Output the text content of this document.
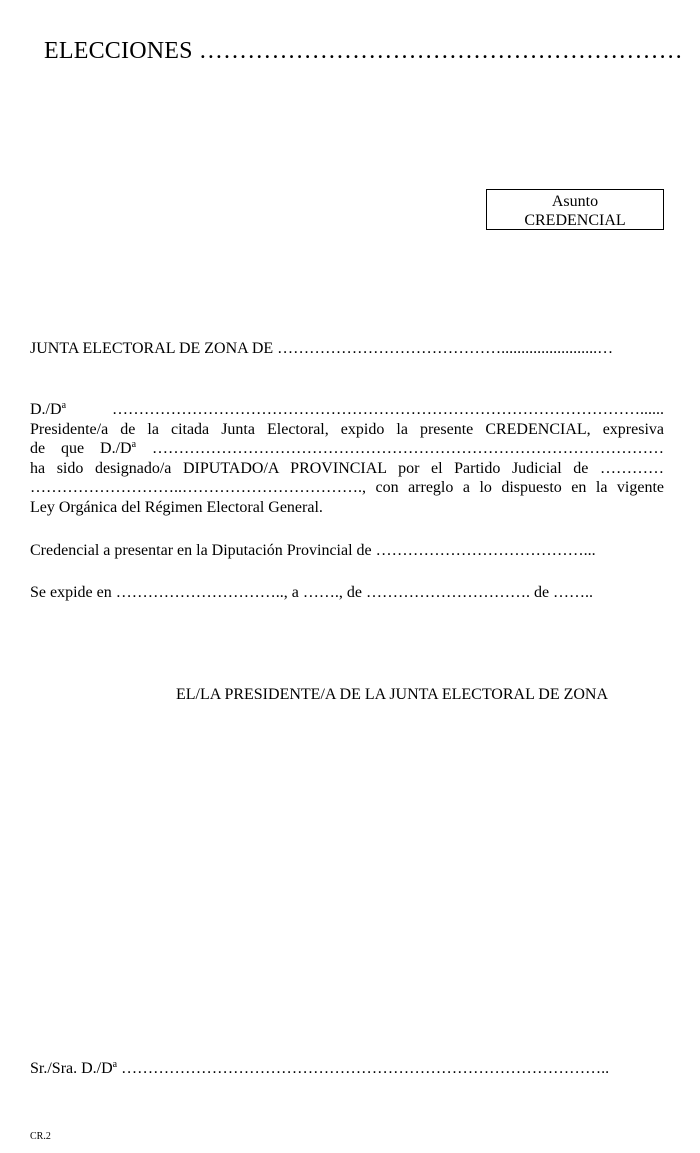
ELECCIONES ……………………………………………………
Asunto
CREDENCIAL
JUNTA ELECTORAL DE ZONA DE ……………………………………........................…
$D./D^a$ ………………………………………………………………………………………......
Presidente/a de la citada Junta Electoral, expido la presente CREDENCIAL, expresiva
de que $D./D^a$ ……………………………………………………………………………………
ha sido designado/a DIPUTADO/A PROVINCIAL por el Partido Judicial de …………
………………………..……………………………., con arreglo a lo dispuesto en la vigente
Ley Orgánica del Régimen Electoral General.
Credencial a presentar en la Diputación Provincial de …………………………………...
Se expide en ………………………….., a ……., de …………………………. de ……..
EL/LA PRESIDENTE/A DE LA JUNTA ELECTORAL DE ZONA
Sr./Sra. $D./D^a$ ………………………………………………………………………………..
CR.2
